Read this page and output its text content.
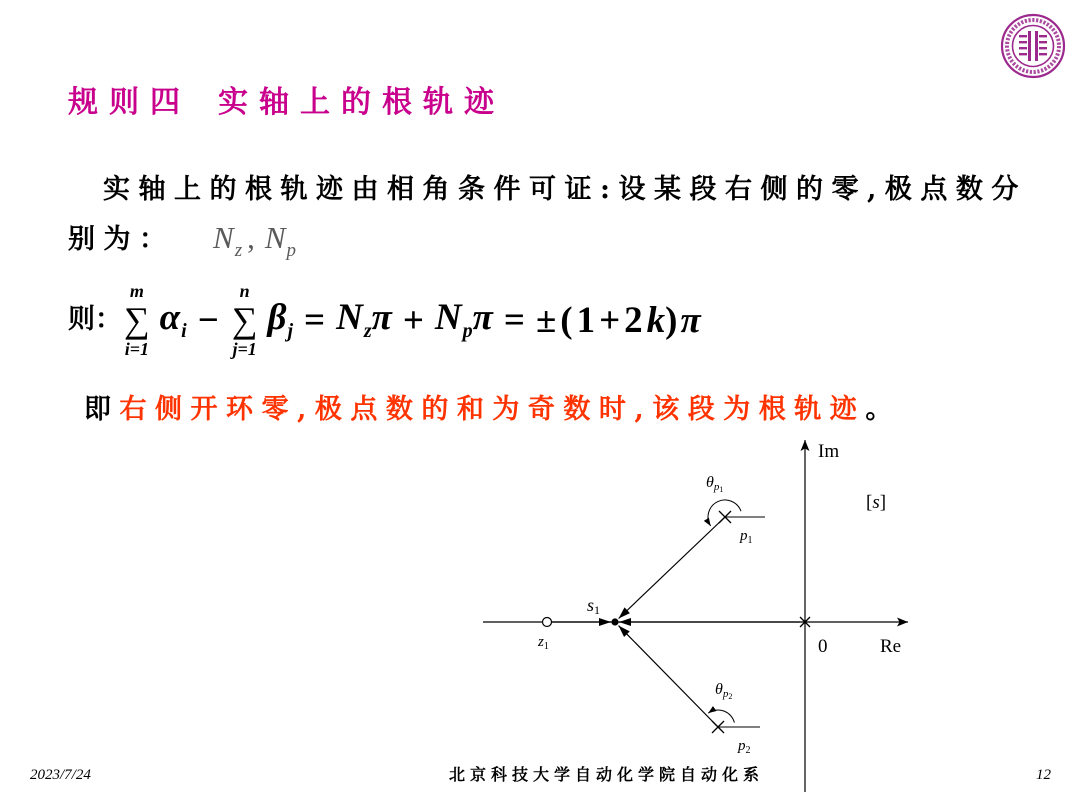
规则四 实轴上的根轨迹
实轴上的根轨迹由相角条件可证:设某段右侧的零,极点数分
别为： $N_z$ , $N_p$
则：
m
∑
i=1
$\alpha_i$ −
n
∑
j=1
$\beta_j = N_z\pi + N_p\pi = \pm(1+2k)\pi$
即右侧开环零,极点数的和为奇数时,该段为根轨迹。
Im
[s]
0	Re
$z_1$
s1
$p_1$
$p_2$
θp1
θp2
2023/7/24	北京科技大学自动化学院自动化系	12
